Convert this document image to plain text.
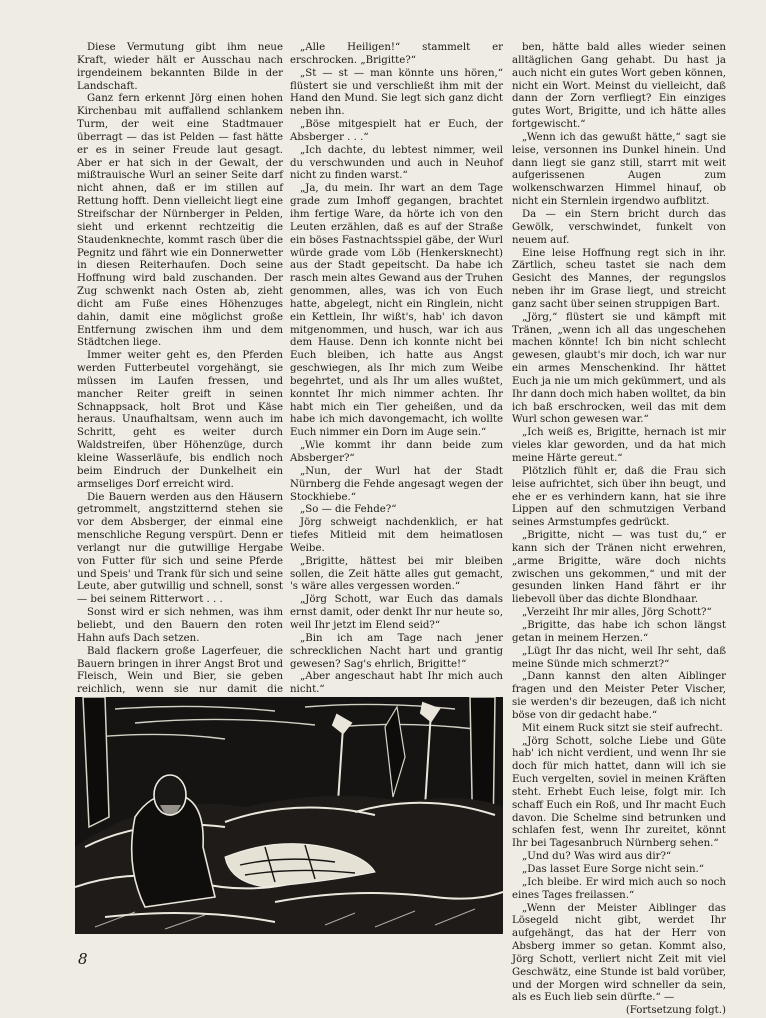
Diese Vermutung gibt ihm neue Kraft, wieder hält er Ausschau nach irgendeinem bekannten Bilde in der Landschaft.

Ganz fern erkennt Jörg einen hohen Kirchenbau mit auffallend schlankem Turm, der weit eine Stadtmauer überragt — das ist Pelden — fast hätte er es in seiner Freude laut gesagt. Aber er hat sich in der Gewalt, der mißtrauische Wurl an seiner Seite darf nicht ahnen, daß er im stillen auf Rettung hofft. Denn vielleicht liegt eine Streifschar der Nürnberger in Pelden, sieht und erkennt rechtzeitig die Staudenknechte, kommt rasch über die Pegnitz und fährt wie ein Donnerwetter in diesen Reiterhaufen. Doch seine Hoffnung wird bald zuschanden. Der Zug schwenkt nach Osten ab, zieht dicht am Fuße eines Höhenzuges dahin, damit eine möglichst große Entfernung zwischen ihm und dem Städtchen liege.

Immer weiter geht es, den Pferden werden Futterbeutel vorgehängt, sie müssen im Laufen fressen, und mancher Reiter greift in seinen Schnappsack, holt Brot und Käse heraus. Unaufhaltsam, wenn auch im Schritt, geht es weiter durch Waldstreifen, über Höhenzüge, durch kleine Wasserläufe, bis endlich noch beim Eindruch der Dunkelheit ein armseliges Dorf erreicht wird.

Die Bauern werden aus den Häusern getrommelt, angstzitternd stehen sie vor dem Absberger, der einmal eine menschliche Regung verspürt. Denn er verlangt nur die gutwillige Hergabe von Futter für sich und seine Pferde und Speis' und Trank für sich und seine Leute, aber gutwillig und schnell, sonst — bei seinem Ritterwort . . .

Sonst wird er sich nehmen, was ihm beliebt, und den Bauern den roten Hahn aufs Dach setzen.

Bald flackern große Lagerfeuer, die Bauern bringen in ihrer Angst Brot und Fleisch, Wein und Bier, sie geben reichlich, wenn sie nur damit die

„Alle Heiligen!“ stammelt er erschrocken. „Brigitte?“

„St — st — man könnte uns hören,“ flüstert sie und verschließt ihm mit der Hand den Mund. Sie legt sich ganz dicht neben ihn.

„Böse mitgespielt hat er Euch, der Absberger . . .“

„Ich dachte, du lebtest nimmer, weil du verschwunden und auch in Neuhof nicht zu finden warst.“

„Ja, du mein. Ihr wart an dem Tage grade zum Imhoff gegangen, brachtet ihm fertige Ware, da hörte ich von den Leuten erzählen, daß es auf der Straße ein böses Fastnachtsspiel gäbe, der Wurl würde grade vom Löb (Henkersknecht) aus der Stadt gepeitscht. Da habe ich rasch mein altes Gewand aus der Truhen genommen, alles, was ich von Euch hatte, abgelegt, nicht ein Ringlein, nicht ein Kettlein, Ihr wißt's, hab' ich davon mitgenommen, und husch, war ich aus dem Hause. Denn ich konnte nicht bei Euch bleiben, ich hatte aus Angst geschwiegen, als Ihr mich zum Weibe begehrtet, und als Ihr um alles wußtet, konntet Ihr mich nimmer achten. Ihr habt mich ein Tier geheißen, und da habe ich mich davongemacht, ich wollte Euch nimmer ein Dorn im Auge sein.“

„Wie kommt ihr dann beide zum Absberger?“

„Nun, der Wurl hat der Stadt Nürnberg die Fehde angesagt wegen der Stockhiebe.“

„So — die Fehde?“

Jörg schweigt nachdenklich, er hat tiefes Mitleid mit dem heimatlosen Weibe.

„Brigitte, hättest bei mir bleiben sollen, die Zeit hätte alles gut gemacht, 's wäre alles vergessen worden.“

„Jörg Schott, war Euch das damals ernst damit, oder denkt Ihr nur heute so, weil Ihr jetzt im Elend seid?“

„Bin ich am Tage nach jener schrecklichen Nacht hart und grantig gewesen? Sag's ehrlich, Brigitte!“

„Aber angeschaut habt Ihr mich auch nicht.“

ben, hätte bald alles wieder seinen alltäglichen Gang gehabt. Du hast ja auch nicht ein gutes Wort geben können, nicht ein Wort. Meinst du vielleicht, daß dann der Zorn verfliegt? Ein einziges gutes Wort, Brigitte, und ich hätte alles fortgewischt.“

„Wenn ich das gewußt hätte,“ sagt sie leise, versonnen ins Dunkel hinein. Und dann liegt sie ganz still, starrt mit weit aufgerissenen Augen zum wolkenschwarzen Himmel hinauf, ob nicht ein Sternlein irgendwo aufblitzt.

Da — ein Stern bricht durch das Gewölk, verschwindet, funkelt von neuem auf.

Eine leise Hoffnung regt sich in ihr. Zärtlich, scheu tastet sie nach dem Gesicht des Mannes, der regungslos neben ihr im Grase liegt, und streicht ganz sacht über seinen struppigen Bart.

„Jörg,“ flüstert sie und kämpft mit Tränen, „wenn ich all das ungeschehen machen könnte! Ich bin nicht schlecht gewesen, glaubt's mir doch, ich war nur ein armes Menschenkind. Ihr hättet Euch ja nie um mich gekümmert, und als Ihr dann doch mich haben wolltet, da bin ich baß erschrocken, weil das mit dem Wurl schon gewesen war.“

„Ich weiß es, Brigitte, hernach ist mir vieles klar geworden, und da hat mich meine Härte gereut.“

Plötzlich fühlt er, daß die Frau sich leise aufrichtet, sich über ihn beugt, und ehe er es verhindern kann, hat sie ihre Lippen auf den schmutzigen Verband seines Armstumpfes gedrückt.

„Brigitte, nicht — was tust du,“ er kann sich der Tränen nicht erwehren, „arme Brigitte, wäre doch nichts zwischen uns gekommen,“ und mit der gesunden linken Hand fährt er ihr liebevoll über das dichte Blondhaar.

„Verzeiht Ihr mir alles, Jörg Schott?“

„Brigitte, das habe ich schon längst getan in meinem Herzen.“

„Lügt Ihr das nicht, weil Ihr seht, daß meine Sünde mich schmerzt?“

„Dann kannst den alten Aiblinger fragen und den Meister Peter Vischer, sie werden's dir bezeugen, daß ich nicht böse von dir gedacht habe.“

Mit einem Ruck sitzt sie steif aufrecht.

„Jörg Schott, solche Liebe und Güte hab' ich nicht verdient, und wenn Ihr sie doch für mich hattet, dann will ich sie Euch vergelten, soviel in meinen Kräften steht. Erhebt Euch leise, folgt mir. Ich schaff Euch ein Roß, und Ihr macht Euch davon. Die Schelme sind betrunken und schlafen fest, wenn Ihr zureitet, könnt Ihr bei Tagesanbruch Nürnberg sehen.“

„Und du? Was wird aus dir?“

„Das lasset Eure Sorge nicht sein.“

„Ich bleibe. Er wird mich auch so noch eines Tages freilassen.“

„Wenn der Meister Aiblinger das Lösegeld nicht gibt, werdet Ihr aufgehängt, das hat der Herr von Absberg immer so getan. Kommt also, Jörg Schott, verliert nicht Zeit mit viel Geschwätz, eine Stunde ist bald vorüber, und der Morgen wird schneller da sein, als es Euch lieb sein dürfte.“ —

(Fortsetzung folgt.)
8
